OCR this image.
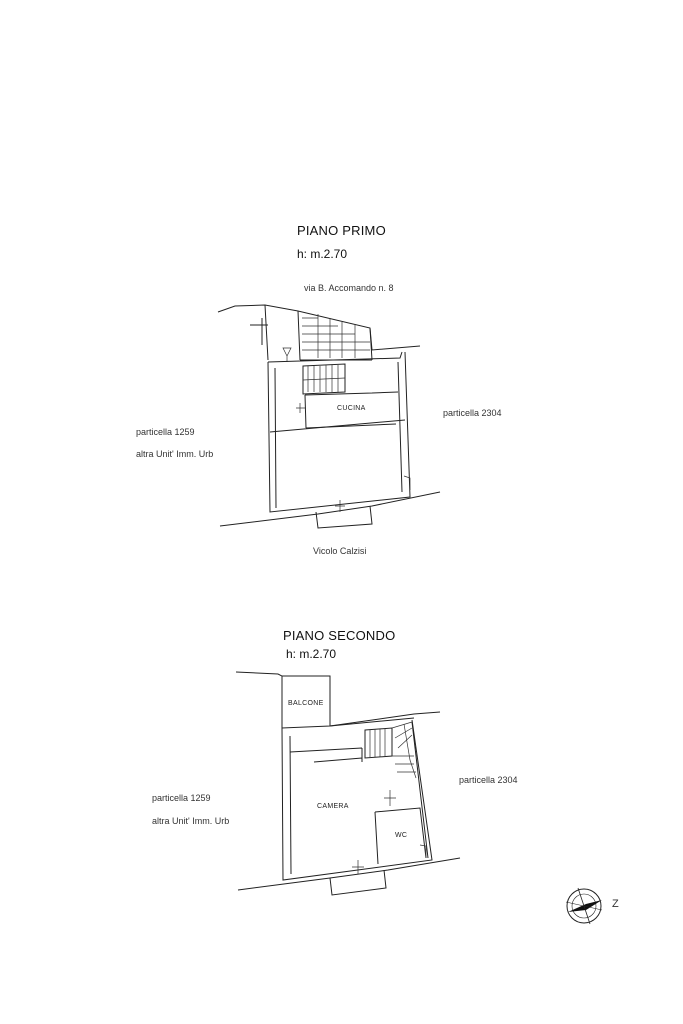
PIANO PRIMO
h: m.2.70
via B. Accomando n. 8
particella 1259
altra Unit' Imm. Urb
particella 2304
CUCINA
Vicolo Calzisi
PIANO SECONDO
h: m.2.70
BALCONE
particella 1259
altra Unit' Imm. Urb
particella 2304
CAMERA
WC
Z
